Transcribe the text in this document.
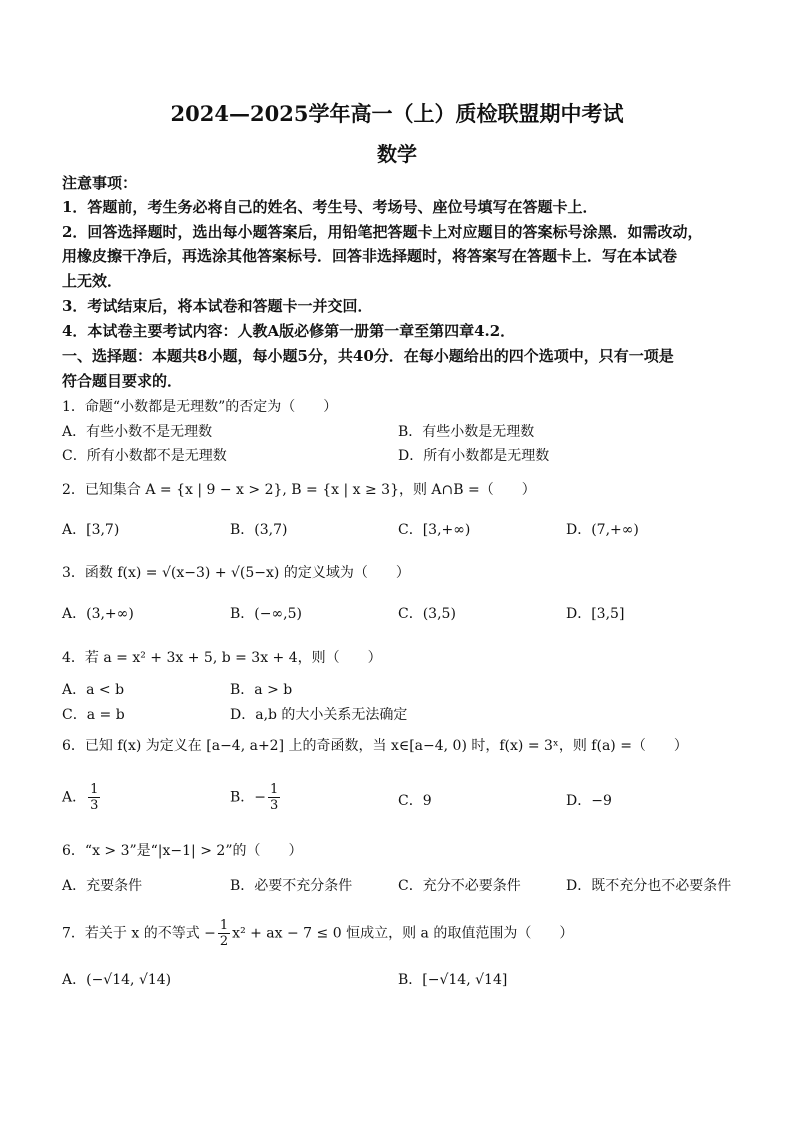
2024—2025学年高一（上）质检联盟期中考试
数学
注意事项：
1．答题前，考生务必将自己的姓名、考生号、考场号、座位号填写在答题卡上．
2．回答选择题时，选出每小题答案后，用铅笔把答题卡上对应题目的答案标号涂黑．如需改动，
用橡皮擦干净后，再选涂其他答案标号．回答非选择题时，将答案写在答题卡上．写在本试卷
上无效．
3．考试结束后，将本试卷和答题卡一并交回．
4．本试卷主要考试内容：人教A版必修第一册第一章至第四章4.2．
一、选择题：本题共8小题，每小题5分，共40分．在每小题给出的四个选项中，只有一项是
符合题目要求的．
1．命题“小数都是无理数”的否定为（　　）
A．有些小数不是无理数	B．有些小数是无理数
C．所有小数都不是无理数	D．所有小数都是无理数
2．已知集合 A = {x | 9 − x > 2}, B = {x | x ≥ 3}，则 A∩B =（　　）
A．[3,7)	B．(3,7)	C．[3,+∞)	D．(7,+∞)
3．函数 f(x) = √(x−3) + √(5−x) 的定义域为（　　）
A．(3,+∞)	B．(−∞,5)	C．(3,5)	D．[3,5]
4．若 a = x² + 3x + 5, b = 3x + 4，则（　　）
A．a < b	B．a > b
C．a = b	D．a,b 的大小关系无法确定
6．已知 f(x) 为定义在 [a−4, a+2] 上的奇函数，当 x∈[a−4, 0) 时，f(x) = 3ˣ，则 f(a) =（　　）
A． $\frac{1}{3}$	B．− $\frac{1}{3}$	C．9	D．−9
6．“x > 3”是“|x−1| > 2”的（　　）
A．充要条件	B．必要不充分条件	C．充分不必要条件	D．既不充分也不必要条件
7．若关于 x 的不等式 − $\frac{1}{2} x^2$ + ax − 7 ≤ 0 恒成立，则 a 的取值范围为（　　）
A．(−√14, √14)	B．[−√14, √14]
